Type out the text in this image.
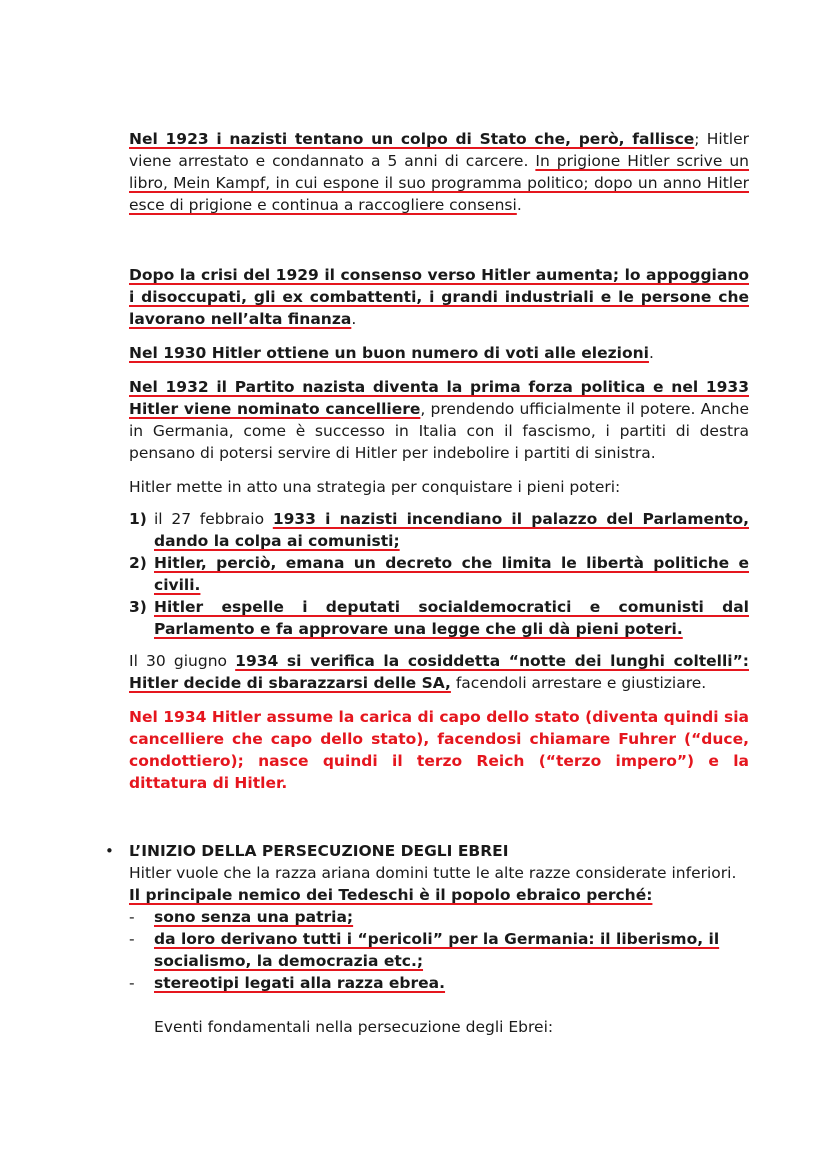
Nel 1923 i nazisti tentano un colpo di Stato che, però, fallisce; Hitler viene arrestato e condannato a 5 anni di carcere. In prigione Hitler scrive un libro, Mein Kampf, in cui espone il suo programma politico; dopo un anno Hitler esce di prigione e continua a raccogliere consensi.

Dopo la crisi del 1929 il consenso verso Hitler aumenta; lo appoggiano i disoccupati, gli ex combattenti, i grandi industriali e le persone che lavorano nell’alta finanza.

Nel 1930 Hitler ottiene un buon numero di voti alle elezioni.

Nel 1932 il Partito nazista diventa la prima forza politica e nel 1933 Hitler viene nominato cancelliere, prendendo ufficialmente il potere. Anche in Germania, come è successo in Italia con il fascismo, i partiti di destra pensano di potersi servire di Hitler per indebolire i partiti di sinistra.

Hitler mette in atto una strategia per conquistare i pieni poteri:

1) il 27 febbraio 1933 i nazisti incendiano il palazzo del Parlamento, dando la colpa ai comunisti;
2) Hitler, perciò, emana un decreto che limita le libertà politiche e civili.
3) Hitler espelle i deputati socialdemocratici e comunisti dal Parlamento e fa approvare una legge che gli dà pieni poteri.

Il 30 giugno 1934 si verifica la cosiddetta “notte dei lunghi coltelli”: Hitler decide di sbarazzarsi delle SA, facendoli arrestare e giustiziare.

Nel 1934 Hitler assume la carica di capo dello stato (diventa quindi sia cancelliere che capo dello stato), facendosi chiamare Fuhrer (“duce, condottiero); nasce quindi il terzo Reich (“terzo impero”) e la dittatura di Hitler.

• L’INIZIO DELLA PERSECUZIONE DEGLI EBREI

Hitler vuole che la razza ariana domini tutte le alte razze considerate inferiori.

Il principale nemico dei Tedeschi è il popolo ebraico perché:

- sono senza una patria;
- da loro derivano tutti i “pericoli” per la Germania: il liberismo, il socialismo, la democrazia etc.;
- stereotipi legati alla razza ebrea.

Eventi fondamentali nella persecuzione degli Ebrei:
